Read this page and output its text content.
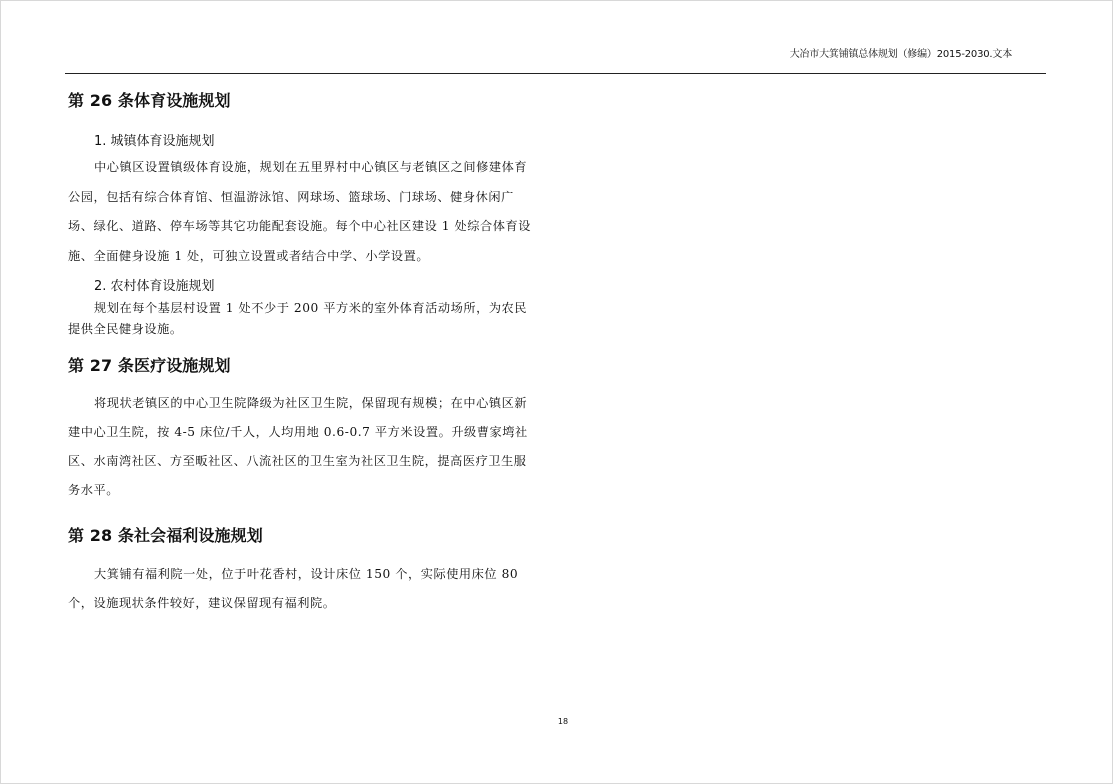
大冶市大箕铺镇总体规划（修编）2015-2030.文本
第 26 条体育设施规划
1. 城镇体育设施规划

中心镇区设置镇级体育设施，规划在五里界村中心镇区与老镇区之间修建体育公园，包括有综合体育馆、恒温游泳馆、网球场、篮球场、门球场、健身休闲广场、绿化、道路、停车场等其它功能配套设施。每个中心社区建设 1 处综合体育设施、全面健身设施 1 处，可独立设置或者结合中学、小学设置。

2. 农村体育设施规划

规划在每个基层村设置 1 处不少于 200 平方米的室外体育活动场所，为农民提供全民健身设施。

第 27 条医疗设施规划

将现状老镇区的中心卫生院降级为社区卫生院，保留现有规模；在中心镇区新建中心卫生院，按 4-5 床位/千人，人均用地 0.6-0.7 平方米设置。升级曹家塆社区、水南湾社区、方至畈社区、八流社区的卫生室为社区卫生院，提高医疗卫生服务水平。

第 28 条社会福利设施规划

大箕铺有福利院一处，位于叶花香村，设计床位 150 个，实际使用床位 80 个，设施现状条件较好，建议保留现有福利院。

18
